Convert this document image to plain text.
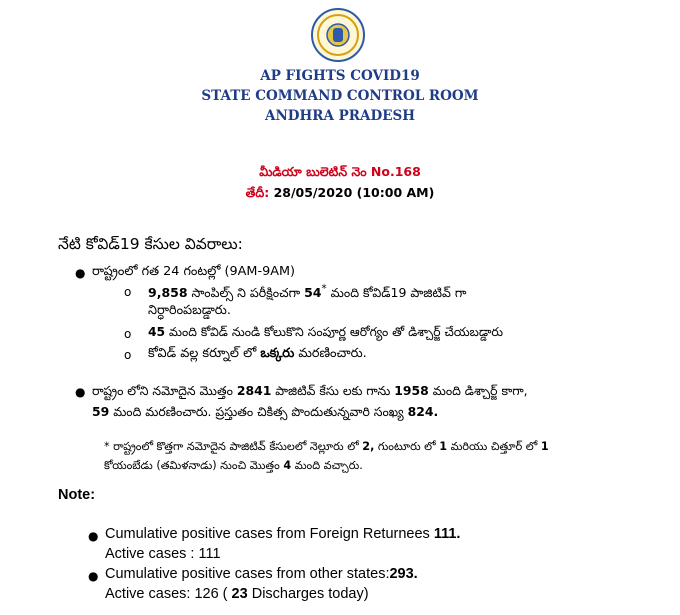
AP FIGHTS COVID19
STATE COMMAND CONTROL ROOM
ANDHRA PRADESH
మీడియా బులెటిన్ నెం No.168
తేదీ: 28/05/2020 (10:00 AM)
నేటి కోవిడ్19 కేసుల వివరాలు:
● రాష్ట్రంలో గత 24 గంటల్లో (9AM-9AM)
o 9,858 సాంపిల్స్ ని పరీక్షించగా 54* మంది కోవిడ్19 పాజిటివ్ గా
నిర్ధారింపబడ్డారు.
o 45 మంది కోవిడ్ నుండి కోలుకొని సంపూర్ణ ఆరోగ్యం తో డిశ్చార్జ్ చేయబడ్డారు
o కోవిడ్ వల్ల కర్నూల్ లో ఒక్కరు మరణించారు.
● రాష్ట్రం లోని నమోదైన మొత్తం 2841 పాజిటివ్ కేసు లకు గాను 1958 మంది డిశ్చార్జ్ కాగా,
59 మంది మరణించారు. ప్రస్తుతం చికిత్స పొందుతున్నవారి సంఖ్య 824.
* రాష్ట్రంలో కొత్తగా నమోదైన పాజిటివ్ కేసులలో నెల్లూరు లో 2, గుంటూరు లో 1 మరియు చిత్తూర్ లో 1
కోయంబేడు (తమిళనాడు) నుంచి మొత్తం 4 మంది వచ్చారు.
Note:
● Cumulative positive cases from Foreign Returnees 111.
Active cases : 111
● Cumulative positive cases from other states:293.
Active cases: 126 ( 23 Discharges today)
